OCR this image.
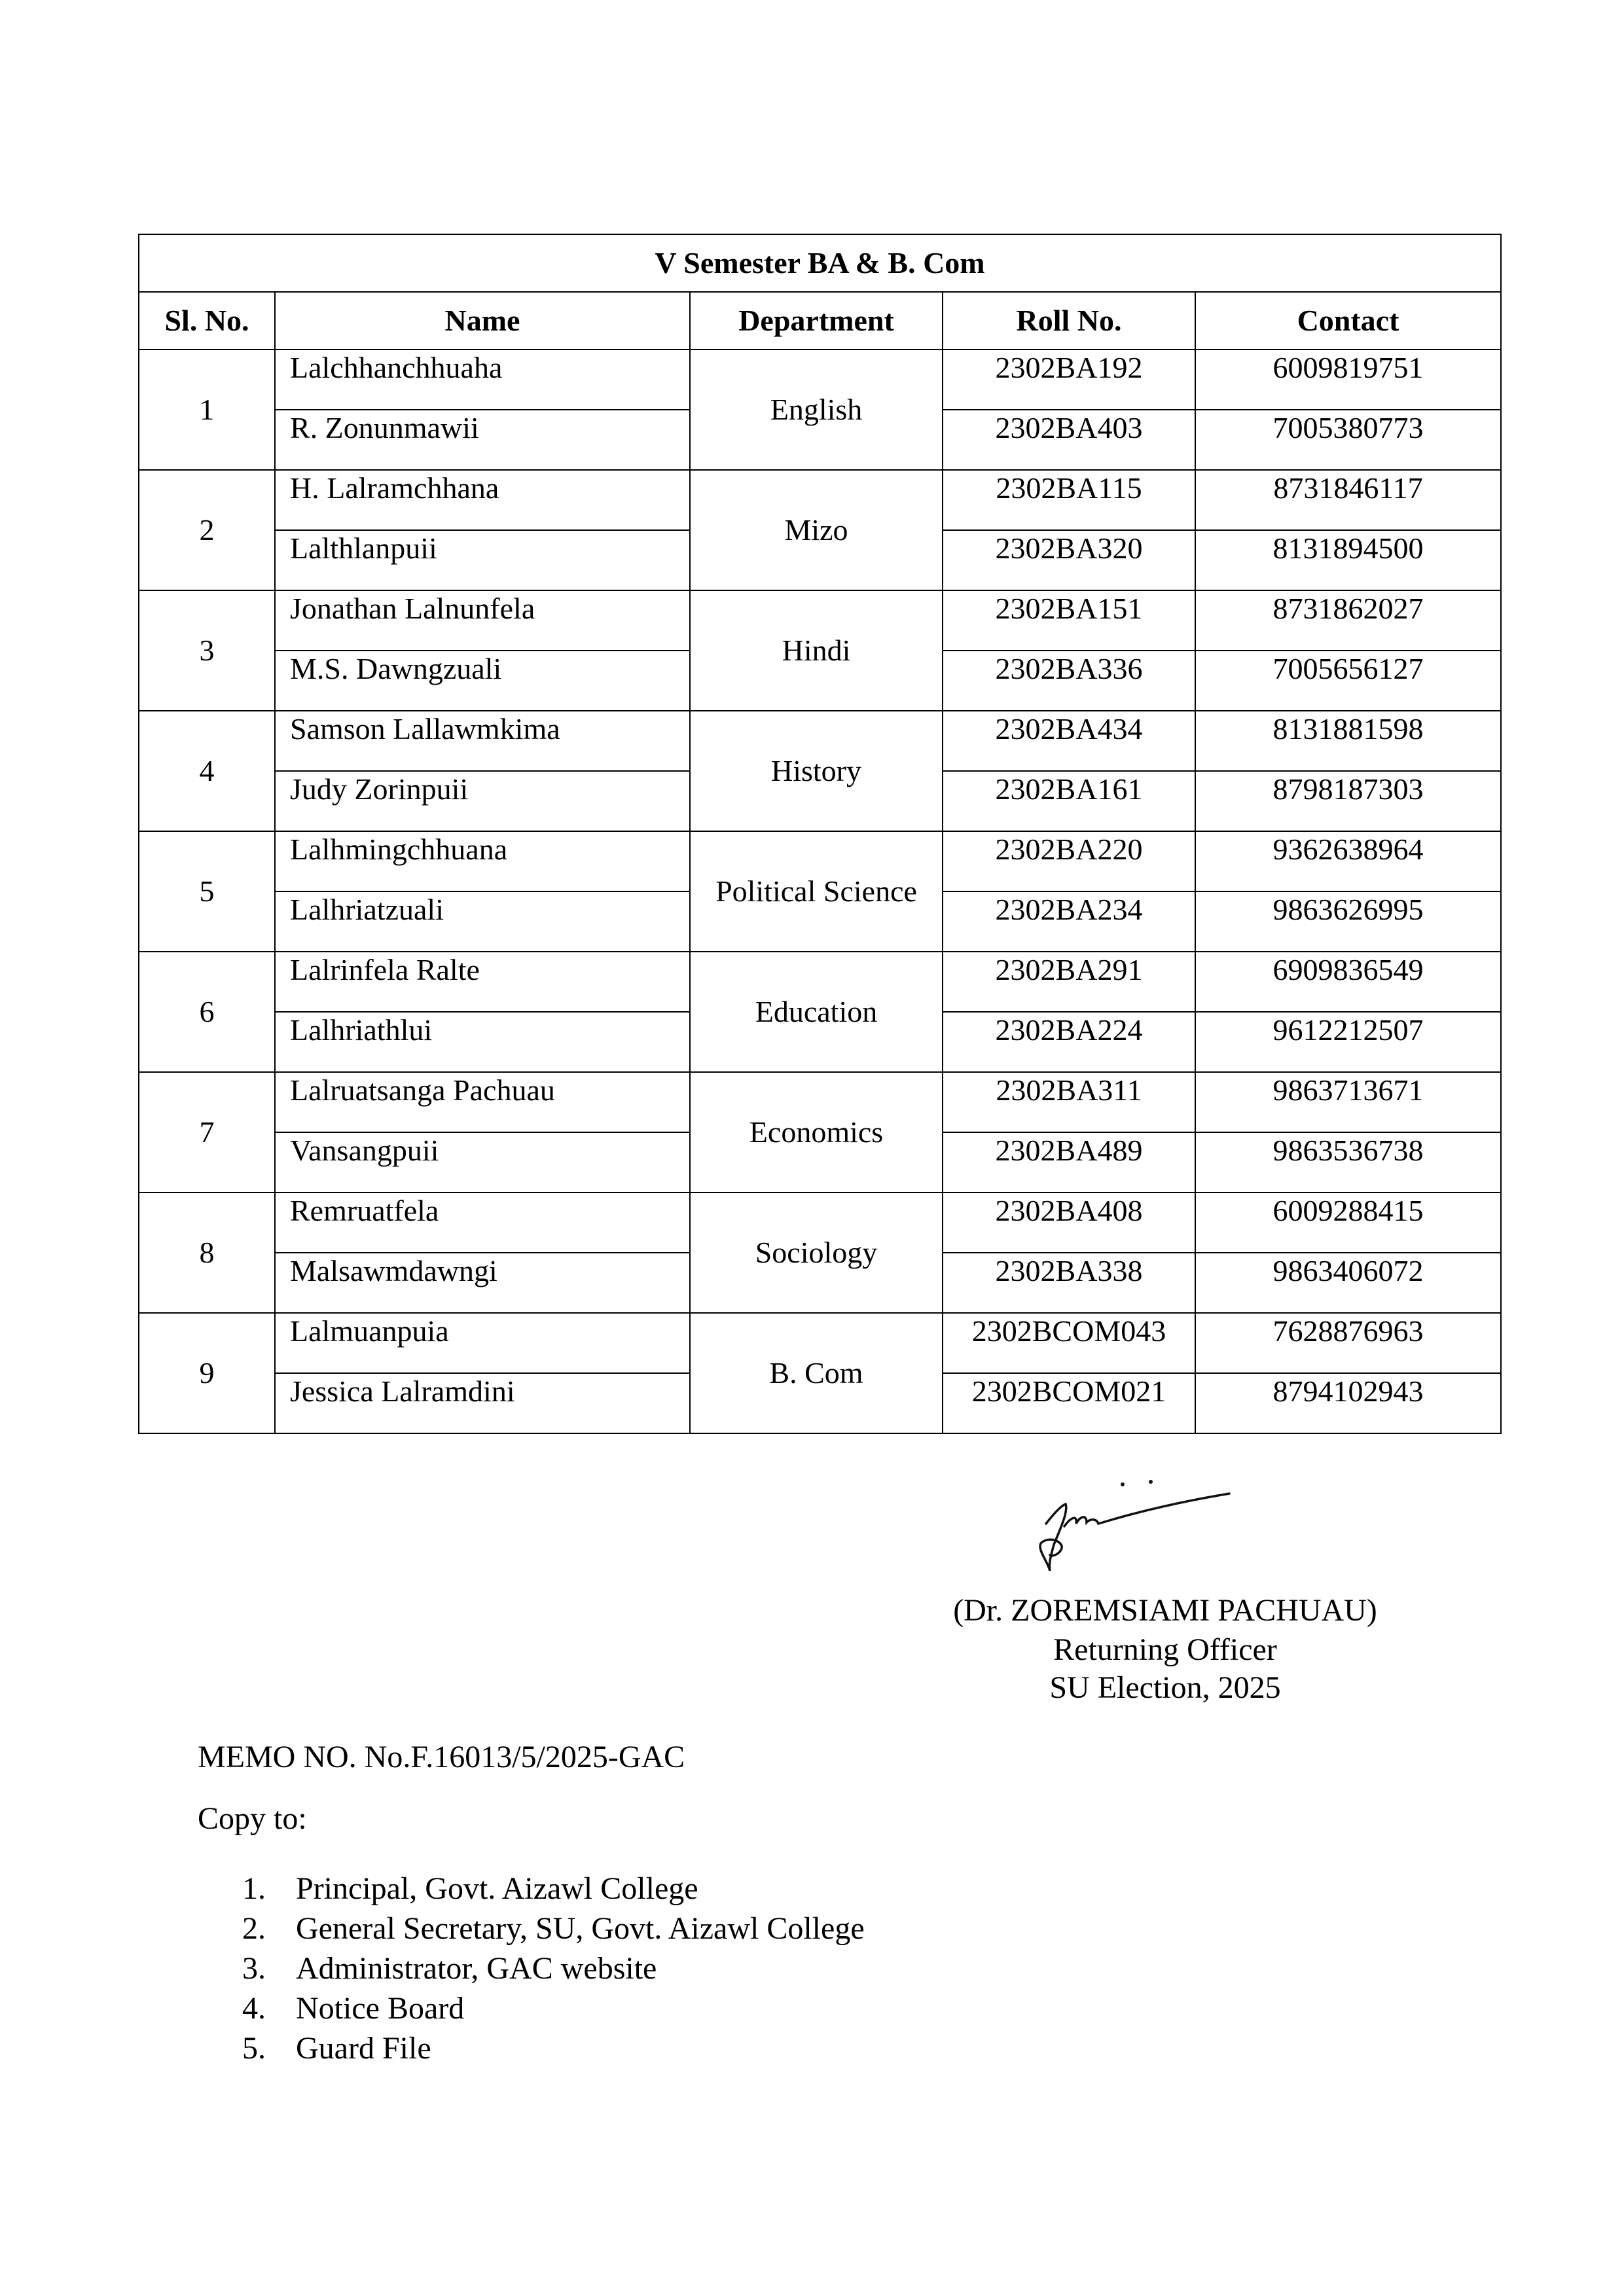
V Semester BA & B. Com				
Sl. No.	Name	Department	Roll No.	Contact
1	Lalchhanchhuaha	English	2302BA192	6009819751
	R. Zonunmawii		2302BA403	7005380773
2	H. Lalramchhana	Mizo	2302BA115	8731846117
	Lalthlanpuii		2302BA320	8131894500
3	Jonathan Lalnunfela	Hindi	2302BA151	8731862027
	M.S. Dawngzuali		2302BA336	7005656127
4	Samson Lallawmkima	History	2302BA434	8131881598
	Judy Zorinpuii		2302BA161	8798187303
5	Lalhmingchhuana	Political Science	2302BA220	9362638964
	Lalhriatzuali		2302BA234	9863626995
6	Lalrinfela Ralte	Education	2302BA291	6909836549
	Lalhriathlui		2302BA224	9612212507
7	Lalruatsanga Pachuau	Economics	2302BA311	9863713671
	Vansangpuii		2302BA489	9863536738
8	Remruatfela	Sociology	2302BA408	6009288415
	Malsawmdawngi		2302BA338	9863406072
9	Lalmuanpuia	B. Com	2302BCOM043	7628876963
	Jessica Lalramdini		2302BCOM021	8794102943
(Dr. ZOREMSIAMI PACHUAU)
Returning Officer
SU Election, 2025
MEMO NO. No.F.16013/5/2025-GAC
Copy to:
1. Principal, Govt. Aizawl College
2. General Secretary, SU, Govt. Aizawl College
3. Administrator, GAC website
4. Notice Board
5. Guard File
